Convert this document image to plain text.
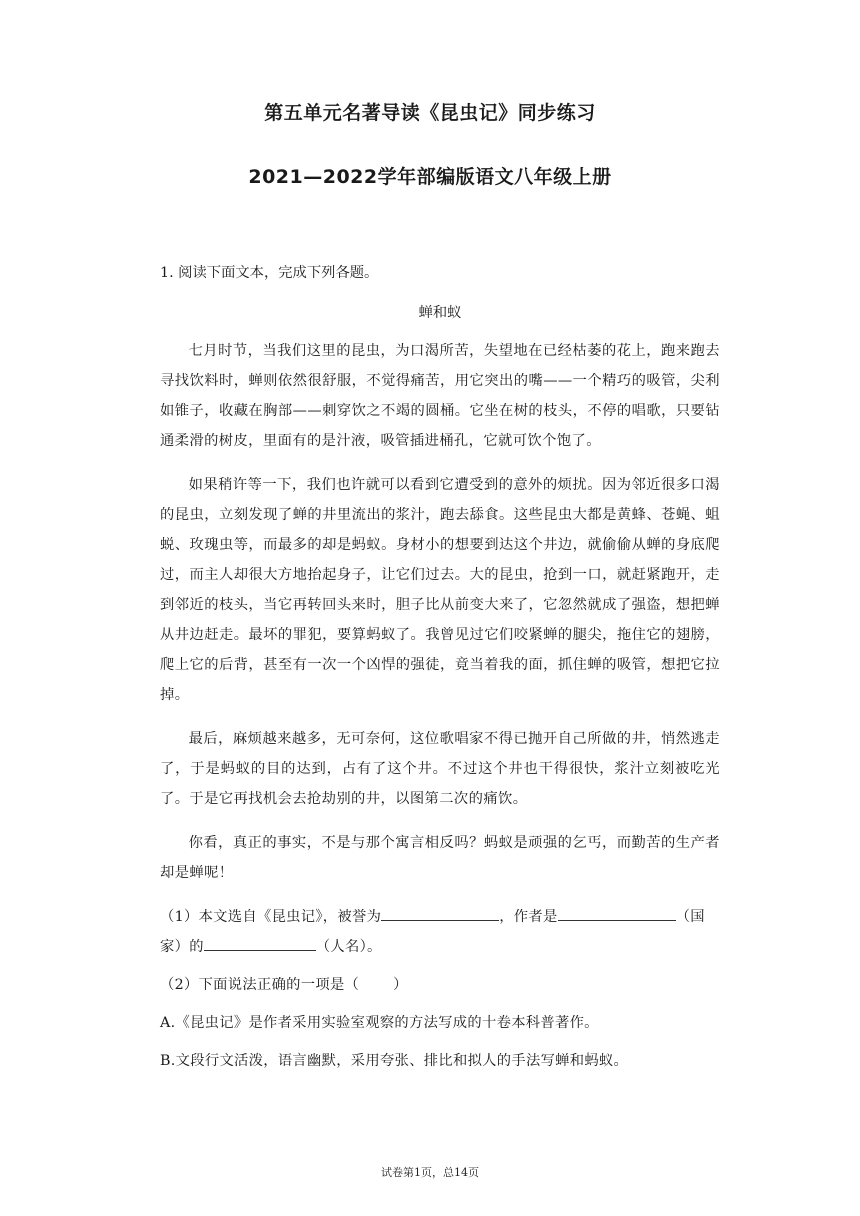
第五单元名著导读《昆虫记》同步练习
2021—2022学年部编版语文八年级上册

1. 阅读下面文本，完成下列各题。

蝉和蚁

七月时节，当我们这里的昆虫，为口渴所苦，失望地在已经枯萎的花上，跑来跑去寻找饮料时，蝉则依然很舒服，不觉得痛苦，用它突出的嘴——一个精巧的吸管，尖利如锥子，收藏在胸部——刺穿饮之不竭的圆桶。它坐在树的枝头，不停的唱歌，只要钻通柔滑的树皮，里面有的是汁液，吸管插进桶孔，它就可饮个饱了。

如果稍许等一下，我们也许就可以看到它遭受到的意外的烦扰。因为邻近很多口渴的昆虫，立刻发现了蝉的井里流出的浆汁，跑去舔食。这些昆虫大都是黄蜂、苍蝇、蛆蜕、玫瑰虫等，而最多的却是蚂蚁。身材小的想要到达这个井边，就偷偷从蝉的身底爬过，而主人却很大方地抬起身子，让它们过去。大的昆虫，抢到一口，就赶紧跑开，走到邻近的枝头，当它再转回头来时，胆子比从前变大来了，它忽然就成了强盗，想把蝉从井边赶走。最坏的罪犯，要算蚂蚁了。我曾见过它们咬紧蝉的腿尖，拖住它的翅膀，爬上它的后背，甚至有一次一个凶悍的强徒，竟当着我的面，抓住蝉的吸管，想把它拉掉。

最后，麻烦越来越多，无可奈何，这位歌唱家不得已抛开自己所做的井，悄然逃走了，于是蚂蚁的目的达到，占有了这个井。不过这个井也干得很快，浆汁立刻被吃光了。于是它再找机会去抢劫别的井，以图第二次的痛饮。

你看，真正的事实，不是与那个寓言相反吗？蚂蚁是顽强的乞丐，而勤苦的生产者却是蝉呢！

（1）本文选自《昆虫记》，被誉为	，作者是	（国家）的	（人名）。

（2）下面说法正确的一项是（ ）

A.《昆虫记》是作者采用实验室观察的方法写成的十卷本科普著作。

B.文段行文活泼，语言幽默，采用夸张、排比和拟人的手法写蝉和蚂蚁。

试卷第1页，总14页
